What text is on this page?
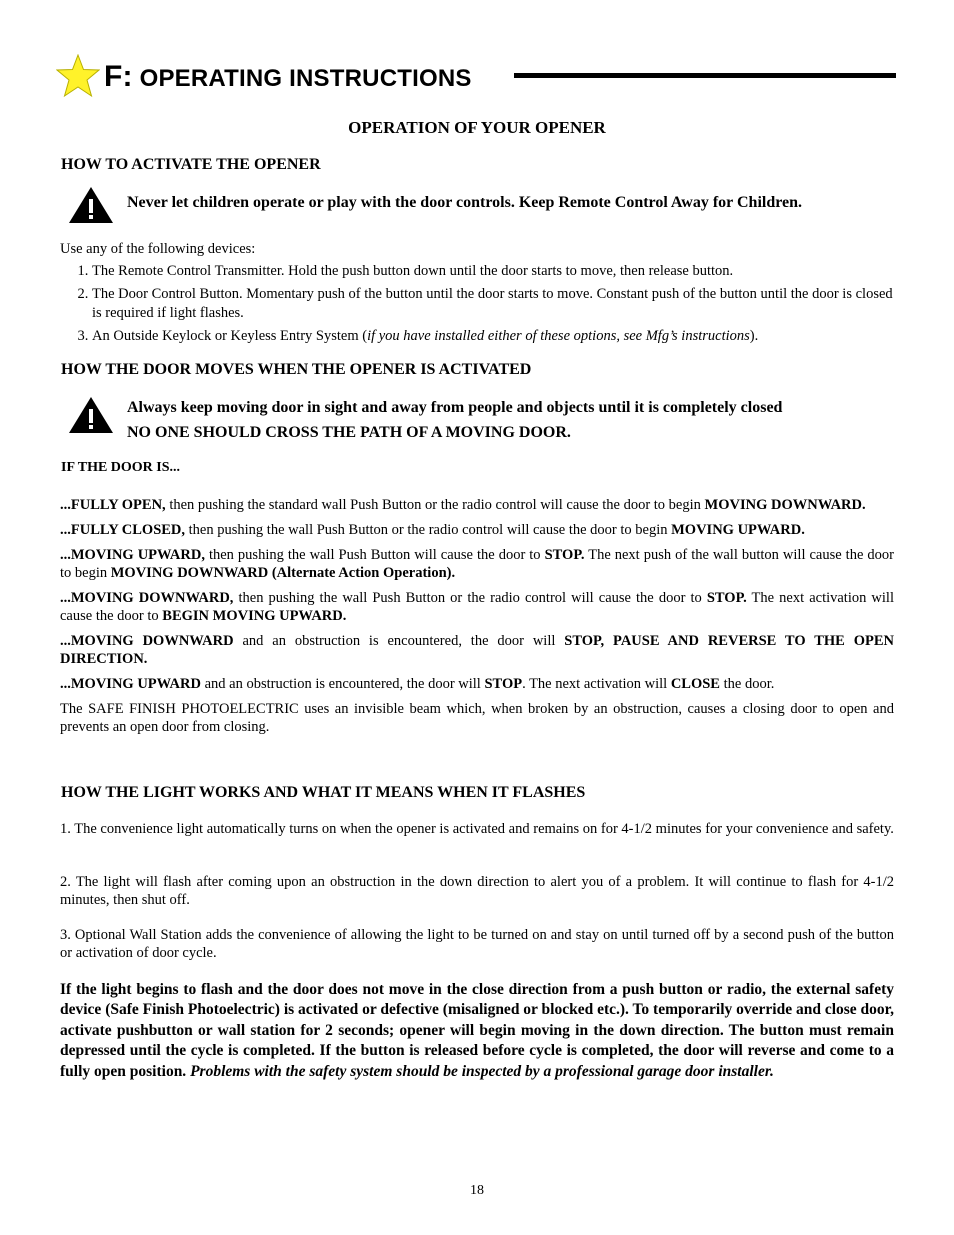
F: OPERATING INSTRUCTIONS
OPERATION OF YOUR OPENER
HOW TO ACTIVATE THE OPENER
Never let children operate or play with the door controls. Keep Remote Control Away for Children.
Use any of the following devices:
1. The Remote Control Transmitter. Hold the push button down until the door starts to move, then release button.
2. The Door Control Button. Momentary push of the button until the door starts to move. Constant push of the button until the door is closed is required if light flashes.
3. An Outside Keylock or Keyless Entry System (if you have installed either of these options, see Mfg’s instructions).
HOW THE DOOR MOVES WHEN THE OPENER IS ACTIVATED
Always keep moving door in sight and away from people and objects until it is completely closed
NO ONE SHOULD CROSS THE PATH OF A MOVING DOOR.
IF THE DOOR IS...
...FULLY OPEN, then pushing the standard wall Push Button or the radio control will cause the door to begin MOVING DOWNWARD.
...FULLY CLOSED, then pushing the wall Push Button or the radio control will cause the door to begin MOVING UPWARD.
...MOVING UPWARD, then pushing the wall Push Button will cause the door to STOP. The next push of the wall button will cause the door to begin MOVING DOWNWARD (Alternate Action Operation).
...MOVING DOWNWARD, then pushing the wall Push Button or the radio control will cause the door to STOP. The next activation will cause the door to BEGIN MOVING UPWARD.
...MOVING DOWNWARD and an obstruction is encountered, the door will STOP, PAUSE AND REVERSE TO THE OPEN DIRECTION.
...MOVING UPWARD and an obstruction is encountered, the door will STOP. The next activation will CLOSE the door.
The SAFE FINISH PHOTOELECTRIC uses an invisible beam which, when broken by an obstruction, causes a closing door to open and prevents an open door from closing.
HOW THE LIGHT WORKS AND WHAT IT MEANS WHEN IT FLASHES
1. The convenience light automatically turns on when the opener is activated and remains on for 4-1/2 minutes for your convenience and safety.
2. The light will flash after coming upon an obstruction in the down direction to alert you of a problem. It will continue to flash for 4-1/2 minutes, then shut off.
3. Optional Wall Station adds the convenience of allowing the light to be turned on and stay on until turned off by a second push of the button or activation of door cycle.
If the light begins to flash and the door does not move in the close direction from a push button or radio, the external safety device (Safe Finish Photoelectric) is activated or defective (misaligned or blocked etc.). To temporarily override and close door, activate pushbutton or wall station for 2 seconds; opener will begin moving in the down direction. The button must remain depressed until the cycle is completed. If the button is released before cycle is completed, the door will reverse and come to a fully open position. Problems with the safety system should be inspected by a professional garage door installer.
18
